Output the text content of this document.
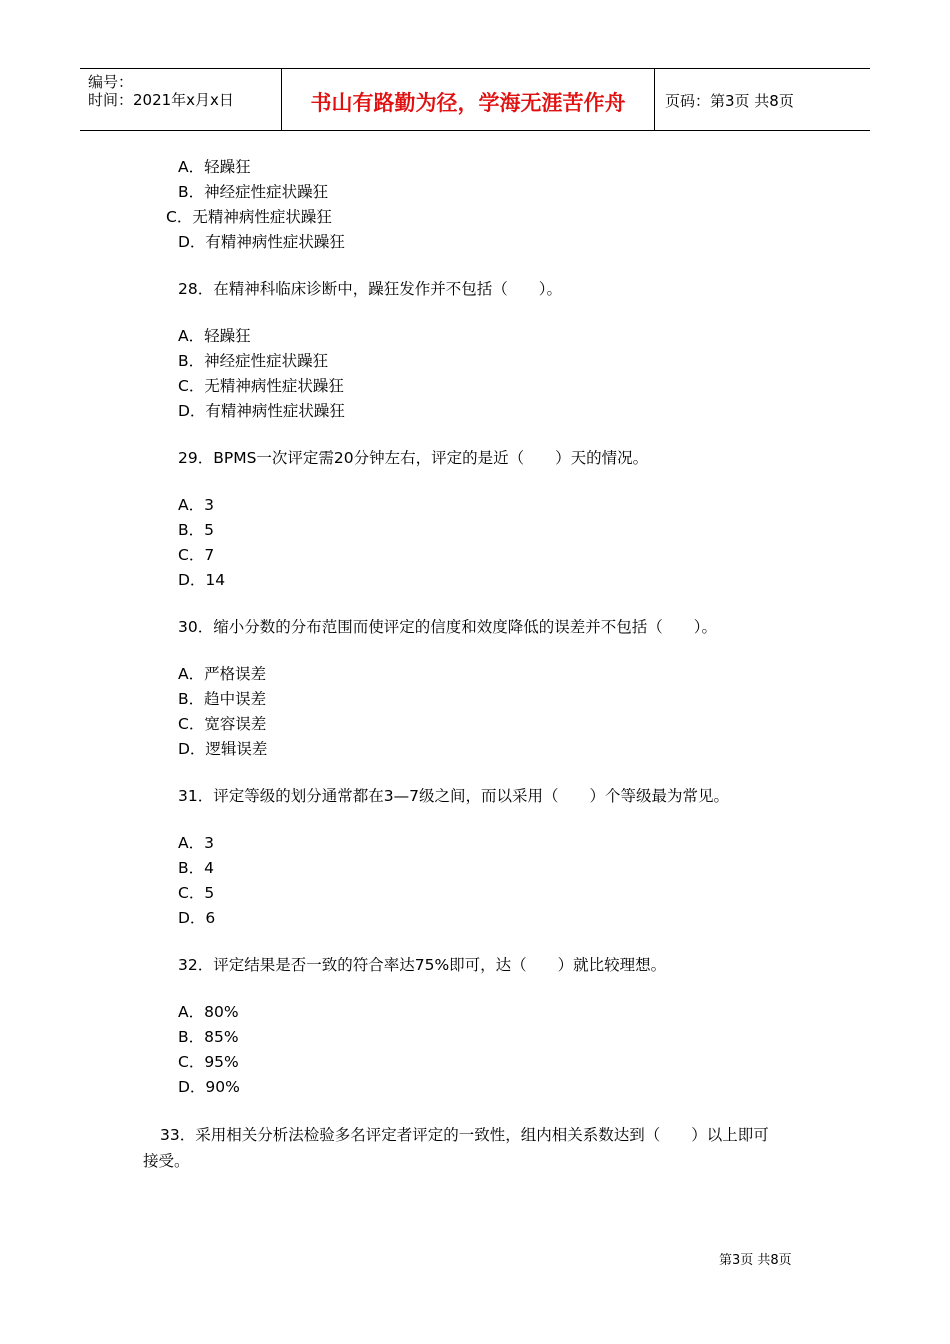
编号：
时间：2021年x月x日	书山有路勤为径，学海无涯苦作舟	页码：第3页 共8页
A．轻躁狂
B．神经症性症状躁狂
C．无精神病性症状躁狂
D．有精神病性症状躁狂
28．在精神科临床诊断中，躁狂发作并不包括（　　）。
A．轻躁狂
B．神经症性症状躁狂
C．无精神病性症状躁狂
D．有精神病性症状躁狂
29．BPMS一次评定需20分钟左右，评定的是近（　　）天的情况。
A．3
B．5
C．7
D．14
30．缩小分数的分布范围而使评定的信度和效度降低的误差并不包括（　　）。
A．严格误差
B．趋中误差
C．宽容误差
D．逻辑误差
31．评定等级的划分通常都在3—7级之间，而以采用（　　）个等级最为常见。
A．3
B．4
C．5
D．6
32．评定结果是否一致的符合率达75%即可，达（　　）就比较理想。
A．80%
B．85%
C．95%
D．90%
33．采用相关分析法检验多名评定者评定的一致性，组内相关系数达到（　　）以上即可
接受。
第3页 共8页
